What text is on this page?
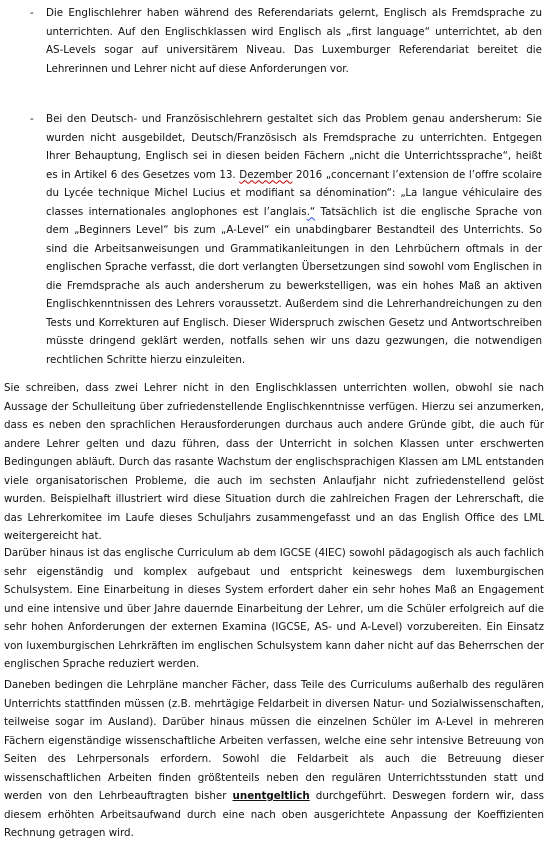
-	Die Englischlehrer haben während des Referendariats gelernt, Englisch als Fremdsprache zu unterrichten. Auf den Englischklassen wird Englisch als „first language“ unterrichtet, ab den AS-Levels sogar auf universitärem Niveau. Das Luxemburger Referendariat bereitet die Lehrerinnen und Lehrer nicht auf diese Anforderungen vor.

-	Bei den Deutsch- und Französischlehrern gestaltet sich das Problem genau andersherum: Sie wurden nicht ausgebildet, Deutsch/Französisch als Fremdsprache zu unterrichten. Entgegen Ihrer Behauptung, Englisch sei in diesen beiden Fächern „nicht die Unterrichtssprache“, heißt es in Artikel 6 des Gesetzes vom 13. Dezember 2016 „concernant l’extension de l’offre scolaire du Lycée technique Michel Lucius et modifiant sa dénomination“: „La langue véhiculaire des classes internationales anglophones est l’anglais.“ Tatsächlich ist die englische Sprache von dem „Beginners Level“ bis zum „A-Level“ ein unabdingbarer Bestandteil des Unterrichts. So sind die Arbeitsanweisungen und Grammatikanleitungen in den Lehrbüchern oftmals in der englischen Sprache verfasst, die dort verlangten Übersetzungen sind sowohl vom Englischen in die Fremdsprache als auch andersherum zu bewerkstelligen, was ein hohes Maß an aktiven Englischkenntnissen des Lehrers voraussetzt. Außerdem sind die Lehrerhandreichungen zu den Tests und Korrekturen auf Englisch. Dieser Widerspruch zwischen Gesetz und Antwortschreiben müsste dringend geklärt werden, notfalls sehen wir uns dazu gezwungen, die notwendigen rechtlichen Schritte hierzu einzuleiten.

Sie schreiben, dass zwei Lehrer nicht in den Englischklassen unterrichten wollen, obwohl sie nach Aussage der Schulleitung über zufriedenstellende Englischkenntnisse verfügen. Hierzu sei anzumerken, dass es neben den sprachlichen Herausforderungen durchaus auch andere Gründe gibt, die auch für andere Lehrer gelten und dazu führen, dass der Unterricht in solchen Klassen unter erschwerten Bedingungen abläuft. Durch das rasante Wachstum der englischsprachigen Klassen am LML entstanden viele organisatorischen Probleme, die auch im sechsten Anlaufjahr nicht zufriedenstellend gelöst wurden. Beispielhaft illustriert wird diese Situation durch die zahlreichen Fragen der Lehrerschaft, die das Lehrerkomitee im Laufe dieses Schuljahrs zusammengefasst und an das English Office des LML weitergereicht hat.

Darüber hinaus ist das englische Curriculum ab dem IGCSE (4IEC) sowohl pädagogisch als auch fachlich sehr eigenständig und komplex aufgebaut und entspricht keineswegs dem luxemburgischen Schulsystem. Eine Einarbeitung in dieses System erfordert daher ein sehr hohes Maß an Engagement und eine intensive und über Jahre dauernde Einarbeitung der Lehrer, um die Schüler erfolgreich auf die sehr hohen Anforderungen der externen Examina (IGCSE, AS- und A-Level) vorzubereiten. Ein Einsatz von luxemburgischen Lehrkräften im englischen Schulsystem kann daher nicht auf das Beherrschen der englischen Sprache reduziert werden.

Daneben bedingen die Lehrpläne mancher Fächer, dass Teile des Curriculums außerhalb des regulären Unterrichts stattfinden müssen (z.B. mehrtägige Feldarbeit in diversen Natur- und Sozialwissenschaften, teilweise sogar im Ausland). Darüber hinaus müssen die einzelnen Schüler im A-Level in mehreren Fächern eigenständige wissenschaftliche Arbeiten verfassen, welche eine sehr intensive Betreuung von Seiten des Lehrpersonals erfordern. Sowohl die Feldarbeit als auch die Betreuung dieser wissenschaftlichen Arbeiten finden größtenteils neben den regulären Unterrichtsstunden statt und werden von den Lehrbeauftragten bisher unentgeltlich durchgeführt. Deswegen fordern wir, dass diesem erhöhten Arbeitsaufwand durch eine nach oben ausgerichtete Anpassung der Koeffizienten Rechnung getragen wird.
